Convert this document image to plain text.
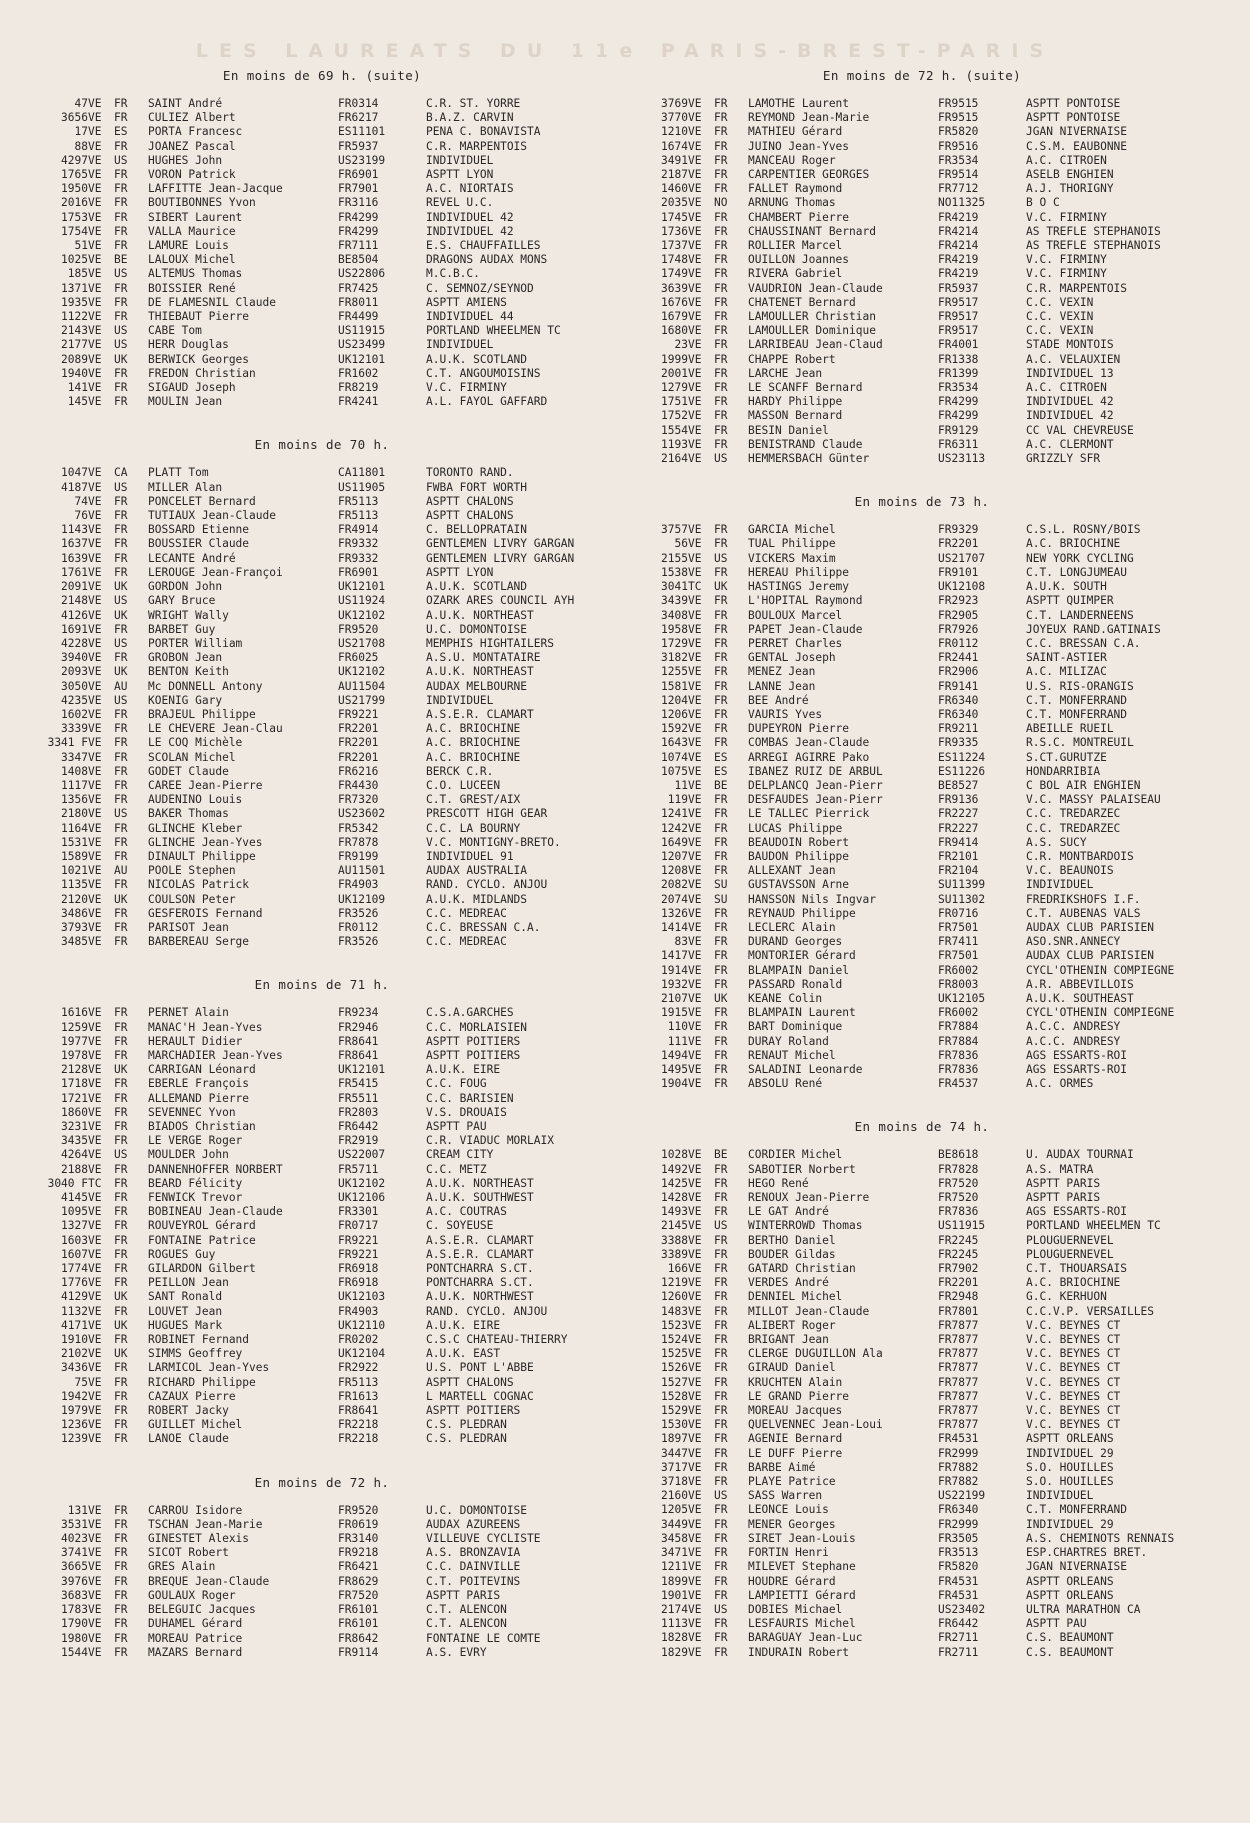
LES LAUREATS DU 11e PARIS-BREST-PARIS
En moins de 69 h. (suite)
47	VE	FR	SAINT André	FR0314	C.R. ST. YORRE
3656	VE	FR	CULIEZ Albert	FR6217	B.A.Z. CARVIN
17	VE	ES	PORTA Francesc	ES11101	PENA C. BONAVISTA
88	VE	FR	JOANEZ Pascal	FR5937	C.R. MARPENTOIS
4297	VE	US	HUGHES John	US23199	INDIVIDUEL
1765	VE	FR	VORON Patrick	FR6901	ASPTT LYON
1950	VE	FR	LAFFITTE Jean-Jacque	FR7901	A.C. NIORTAIS
2016	VE	FR	BOUTIBONNES Yvon	FR3116	REVEL U.C.
1753	VE	FR	SIBERT Laurent	FR4299	INDIVIDUEL 42
1754	VE	FR	VALLA Maurice	FR4299	INDIVIDUEL 42
51	VE	FR	LAMURE Louis	FR7111	E.S. CHAUFFAILLES
1025	VE	BE	LALOUX Michel	BE8504	DRAGONS AUDAX MONS
185	VE	US	ALTEMUS Thomas	US22806	M.C.B.C.
1371	VE	FR	BOISSIER René	FR7425	C. SEMNOZ/SEYNOD
1935	VE	FR	DE FLAMESNIL Claude	FR8011	ASPTT AMIENS
1122	VE	FR	THIEBAUT Pierre	FR4499	INDIVIDUEL 44
2143	VE	US	CABE Tom	US11915	PORTLAND WHEELMEN TC
2177	VE	US	HERR Douglas	US23499	INDIVIDUEL
2089	VE	UK	BERWICK Georges	UK12101	A.U.K. SCOTLAND
1940	VE	FR	FREDON Christian	FR1602	C.T. ANGOUMOISINS
141	VE	FR	SIGAUD Joseph	FR8219	V.C. FIRMINY
145	VE	FR	MOULIN Jean	FR4241	A.L. FAYOL GAFFARD
En moins de 70 h.
1047	VE	CA	PLATT Tom	CA11801	TORONTO RAND.
4187	VE	US	MILLER Alan	US11905	FWBA FORT WORTH
74	VE	FR	PONCELET Bernard	FR5113	ASPTT CHALONS
76	VE	FR	TUTIAUX Jean-Claude	FR5113	ASPTT CHALONS
1143	VE	FR	BOSSARD Etienne	FR4914	C. BELLOPRATAIN
1637	VE	FR	BOUSSIER Claude	FR9332	GENTLEMEN LIVRY GARGAN
1639	VE	FR	LECANTE André	FR9332	GENTLEMEN LIVRY GARGAN
1761	VE	FR	LEROUGE Jean-Françoi	FR6901	ASPTT LYON
2091	VE	UK	GORDON John	UK12101	A.U.K. SCOTLAND
2148	VE	US	GARY Bruce	US11924	OZARK ARES COUNCIL AYH
4126	VE	UK	WRIGHT Wally	UK12102	A.U.K. NORTHEAST
1691	VE	FR	BARBET Guy	FR9520	U.C. DOMONTOISE
4228	VE	US	PORTER William	US21708	MEMPHIS HIGHTAILERS
3940	VE	FR	GROBON Jean	FR6025	A.S.U. MONTATAIRE
2093	VE	UK	BENTON Keith	UK12102	A.U.K. NORTHEAST
3050	VE	AU	Mc DONNELL Antony	AU11504	AUDAX MELBOURNE
4235	VE	US	KOENIG Gary	US21799	INDIVIDUEL
1602	VE	FR	BRAJEUL Philippe	FR9221	A.S.E.R. CLAMART
3339	VE	FR	LE CHEVERE Jean-Clau	FR2201	A.C. BRIOCHINE
3341 F	VE	FR	LE COQ Michèle	FR2201	A.C. BRIOCHINE
3347	VE	FR	SCOLAN Michel	FR2201	A.C. BRIOCHINE
1408	VE	FR	GODET Claude	FR6216	BERCK C.R.
1117	VE	FR	CAREE Jean-Pierre	FR4430	C.O. LUCEEN
1356	VE	FR	AUDENINO Louis	FR7320	C.T. GREST/AIX
2180	VE	US	BAKER Thomas	US23602	PRESCOTT HIGH GEAR
1164	VE	FR	GLINCHE Kleber	FR5342	C.C. LA BOURNY
1531	VE	FR	GLINCHE Jean-Yves	FR7878	V.C. MONTIGNY-BRETO.
1589	VE	FR	DINAULT Philippe	FR9199	INDIVIDUEL 91
1021	VE	AU	POOLE Stephen	AU11501	AUDAX AUSTRALIA
1135	VE	FR	NICOLAS Patrick	FR4903	RAND. CYCLO. ANJOU
2120	VE	UK	COULSON Peter	UK12109	A.U.K. MIDLANDS
3486	VE	FR	GESFEROIS Fernand	FR3526	C.C. MEDREAC
3793	VE	FR	PARISOT Jean	FR0112	C.C. BRESSAN C.A.
3485	VE	FR	BARBEREAU Serge	FR3526	C.C. MEDREAC
En moins de 71 h.
1616	VE	FR	PERNET Alain	FR9234	C.S.A.GARCHES
1259	VE	FR	MANAC'H Jean-Yves	FR2946	C.C. MORLAISIEN
1977	VE	FR	HERAULT Didier	FR8641	ASPTT POITIERS
1978	VE	FR	MARCHADIER Jean-Yves	FR8641	ASPTT POITIERS
2128	VE	UK	CARRIGAN Léonard	UK12101	A.U.K. EIRE
1718	VE	FR	EBERLE François	FR5415	C.C. FOUG
1721	VE	FR	ALLEMAND Pierre	FR5511	C.C. BARISIEN
1860	VE	FR	SEVENNEC Yvon	FR2803	V.S. DROUAIS
3231	VE	FR	BIADOS Christian	FR6442	ASPTT PAU
3435	VE	FR	LE VERGE Roger	FR2919	C.R. VIADUC MORLAIX
4264	VE	US	MOULDER John	US22007	CREAM CITY
2188	VE	FR	DANNENHOFFER NORBERT	FR5711	C.C. METZ
3040 F	TC	FR	BEARD Félicity	UK12102	A.U.K. NORTHEAST
4145	VE	FR	FENWICK Trevor	UK12106	A.U.K. SOUTHWEST
1095	VE	FR	BOBINEAU Jean-Claude	FR3301	A.C. COUTRAS
1327	VE	FR	ROUVEYROL Gérard	FR0717	C. SOYEUSE
1603	VE	FR	FONTAINE Patrice	FR9221	A.S.E.R. CLAMART
1607	VE	FR	ROGUES Guy	FR9221	A.S.E.R. CLAMART
1774	VE	FR	GILARDON Gilbert	FR6918	PONTCHARRA S.CT.
1776	VE	FR	PEILLON Jean	FR6918	PONTCHARRA S.CT.
4129	VE	UK	SANT Ronald	UK12103	A.U.K. NORTHWEST
1132	VE	FR	LOUVET Jean	FR4903	RAND. CYCLO. ANJOU
4171	VE	UK	HUGUES Mark	UK12110	A.U.K. EIRE
1910	VE	FR	ROBINET Fernand	FR0202	C.S.C CHATEAU-THIERRY
2102	VE	UK	SIMMS Geoffrey	UK12104	A.U.K. EAST
3436	VE	FR	LARMICOL Jean-Yves	FR2922	U.S. PONT L'ABBE
75	VE	FR	RICHARD Philippe	FR5113	ASPTT CHALONS
1942	VE	FR	CAZAUX Pierre	FR1613	L MARTELL COGNAC
1979	VE	FR	ROBERT Jacky	FR8641	ASPTT POITIERS
1236	VE	FR	GUILLET Michel	FR2218	C.S. PLEDRAN
1239	VE	FR	LANOE Claude	FR2218	C.S. PLEDRAN
En moins de 72 h.
131	VE	FR	CARROU Isidore	FR9520	U.C. DOMONTOISE
3531	VE	FR	TSCHAN Jean-Marie	FR0619	AUDAX AZUREENS
4023	VE	FR	GINESTET Alexis	FR3140	VILLEUVE CYCLISTE
3741	VE	FR	SICOT Robert	FR9218	A.S. BRONZAVIA
3665	VE	FR	GRES Alain	FR6421	C.C. DAINVILLE
3976	VE	FR	BREQUE Jean-Claude	FR8629	C.T. POITEVINS
3683	VE	FR	GOULAUX Roger	FR7520	ASPTT PARIS
1783	VE	FR	BELEGUIC Jacques	FR6101	C.T. ALENCON
1790	VE	FR	DUHAMEL Gérard	FR6101	C.T. ALENCON
1980	VE	FR	MOREAU Patrice	FR8642	FONTAINE LE COMTE
1544	VE	FR	MAZARS Bernard	FR9114	A.S. EVRY
En moins de 72 h. (suite)
3769	VE	FR	LAMOTHE Laurent	FR9515	ASPTT PONTOISE
3770	VE	FR	REYMOND Jean-Marie	FR9515	ASPTT PONTOISE
1210	VE	FR	MATHIEU Gérard	FR5820	JGAN NIVERNAISE
1674	VE	FR	JUINO Jean-Yves	FR9516	C.S.M. EAUBONNE
3491	VE	FR	MANCEAU Roger	FR3534	A.C. CITROEN
2187	VE	FR	CARPENTIER GEORGES	FR9514	ASELB ENGHIEN
1460	VE	FR	FALLET Raymond	FR7712	A.J. THORIGNY
2035	VE	NO	ARNUNG Thomas	NO11325	B O C
1745	VE	FR	CHAMBERT Pierre	FR4219	V.C. FIRMINY
1736	VE	FR	CHAUSSINANT Bernard	FR4214	AS TREFLE STEPHANOIS
1737	VE	FR	ROLLIER Marcel	FR4214	AS TREFLE STEPHANOIS
1748	VE	FR	OUILLON Joannes	FR4219	V.C. FIRMINY
1749	VE	FR	RIVERA Gabriel	FR4219	V.C. FIRMINY
3639	VE	FR	VAUDRION Jean-Claude	FR5937	C.R. MARPENTOIS
1676	VE	FR	CHATENET Bernard	FR9517	C.C. VEXIN
1679	VE	FR	LAMOULLER Christian	FR9517	C.C. VEXIN
1680	VE	FR	LAMOULLER Dominique	FR9517	C.C. VEXIN
23	VE	FR	LARRIBEAU Jean-Claud	FR4001	STADE MONTOIS
1999	VE	FR	CHAPPE Robert	FR1338	A.C. VELAUXIEN
2001	VE	FR	LARCHE Jean	FR1399	INDIVIDUEL 13
1279	VE	FR	LE SCANFF Bernard	FR3534	A.C. CITROEN
1751	VE	FR	HARDY Philippe	FR4299	INDIVIDUEL 42
1752	VE	FR	MASSON Bernard	FR4299	INDIVIDUEL 42
1554	VE	FR	BESIN Daniel	FR9129	CC VAL CHEVREUSE
1193	VE	FR	BENISTRAND Claude	FR6311	A.C. CLERMONT
2164	VE	US	HEMMERSBACH Günter	US23113	GRIZZLY SFR
En moins de 73 h.
3757	VE	FR	GARCIA Michel	FR9329	C.S.L. ROSNY/BOIS
56	VE	FR	TUAL Philippe	FR2201	A.C. BRIOCHINE
2155	VE	US	VICKERS Maxim	US21707	NEW YORK CYCLING
1538	VE	FR	HEREAU Philippe	FR9101	C.T. LONGJUMEAU
3041	TC	UK	HASTINGS Jeremy	UK12108	A.U.K. SOUTH
3439	VE	FR	L'HOPITAL Raymond	FR2923	ASPTT QUIMPER
3408	VE	FR	BOULOUX Marcel	FR2905	C.T. LANDERNEENS
1958	VE	FR	PAPET Jean-Claude	FR7926	JOYEUX RAND.GATINAIS
1729	VE	FR	PERRET Charles	FR0112	C.C. BRESSAN C.A.
3182	VE	FR	GENTAL Joseph	FR2441	SAINT-ASTIER
1255	VE	FR	MENEZ Jean	FR2906	A.C. MILIZAC
1581	VE	FR	LANNE Jean	FR9141	U.S. RIS-ORANGIS
1204	VE	FR	BEE André	FR6340	C.T. MONFERRAND
1206	VE	FR	VAURIS Yves	FR6340	C.T. MONFERRAND
1592	VE	FR	DUPEYRON Pierre	FR9211	ABEILLE RUEIL
1643	VE	FR	COMBAS Jean-Claude	FR9335	R.S.C. MONTREUIL
1074	VE	ES	ARREGI AGIRRE Pako	ES11224	S.CT.GURUTZE
1075	VE	ES	IBANEZ RUIZ DE ARBUL	ES11226	HONDARRIBIA
11	VE	BE	DELPLANCQ Jean-Pierr	BE8527	C BOL AIR ENGHIEN
119	VE	FR	DESFAUDES Jean-Pierr	FR9136	V.C. MASSY PALAISEAU
1241	VE	FR	LE TALLEC Pierrick	FR2227	C.C. TREDARZEC
1242	VE	FR	LUCAS Philippe	FR2227	C.C. TREDARZEC
1649	VE	FR	BEAUDOIN Robert	FR9414	A.S. SUCY
1207	VE	FR	BAUDON Philippe	FR2101	C.R. MONTBARDOIS
1208	VE	FR	ALLEXANT Jean	FR2104	V.C. BEAUNOIS
2082	VE	SU	GUSTAVSSON Arne	SU11399	INDIVIDUEL
2074	VE	SU	HANSSON Nils Ingvar	SU11302	FREDRIKSHOFS I.F.
1326	VE	FR	REYNAUD Philippe	FR0716	C.T. AUBENAS VALS
1414	VE	FR	LECLERC Alain	FR7501	AUDAX CLUB PARISIEN
83	VE	FR	DURAND Georges	FR7411	ASO.SNR.ANNECY
1417	VE	FR	MONTORIER Gérard	FR7501	AUDAX CLUB PARISIEN
1914	VE	FR	BLAMPAIN Daniel	FR6002	CYCL'OTHENIN COMPIEGNE
1932	VE	FR	PASSARD Ronald	FR8003	A.R. ABBEVILLOIS
2107	VE	UK	KEANE Colin	UK12105	A.U.K. SOUTHEAST
1915	VE	FR	BLAMPAIN Laurent	FR6002	CYCL'OTHENIN COMPIEGNE
110	VE	FR	BART Dominique	FR7884	A.C.C. ANDRESY
111	VE	FR	DURAY Roland	FR7884	A.C.C. ANDRESY
1494	VE	FR	RENAUT Michel	FR7836	AGS ESSARTS-ROI
1495	VE	FR	SALADINI Leonarde	FR7836	AGS ESSARTS-ROI
1904	VE	FR	ABSOLU René	FR4537	A.C. ORMES
En moins de 74 h.
1028	VE	BE	CORDIER Michel	BE8618	U. AUDAX TOURNAI
1492	VE	FR	SABOTIER Norbert	FR7828	A.S. MATRA
1425	VE	FR	HEGO René	FR7520	ASPTT PARIS
1428	VE	FR	RENOUX Jean-Pierre	FR7520	ASPTT PARIS
1493	VE	FR	LE GAT André	FR7836	AGS ESSARTS-ROI
2145	VE	US	WINTERROWD Thomas	US11915	PORTLAND WHEELMEN TC
3388	VE	FR	BERTHO Daniel	FR2245	PLOUGUERNEVEL
3389	VE	FR	BOUDER Gildas	FR2245	PLOUGUERNEVEL
166	VE	FR	GATARD Christian	FR7902	C.T. THOUARSAIS
1219	VE	FR	VERDES André	FR2201	A.C. BRIOCHINE
1260	VE	FR	DENNIEL Michel	FR2948	G.C. KERHUON
1483	VE	FR	MILLOT Jean-Claude	FR7801	C.C.V.P. VERSAILLES
1523	VE	FR	ALIBERT Roger	FR7877	V.C. BEYNES CT
1524	VE	FR	BRIGANT Jean	FR7877	V.C. BEYNES CT
1525	VE	FR	CLERGE DUGUILLON Ala	FR7877	V.C. BEYNES CT
1526	VE	FR	GIRAUD Daniel	FR7877	V.C. BEYNES CT
1527	VE	FR	KRUCHTEN Alain	FR7877	V.C. BEYNES CT
1528	VE	FR	LE GRAND Pierre	FR7877	V.C. BEYNES CT
1529	VE	FR	MOREAU Jacques	FR7877	V.C. BEYNES CT
1530	VE	FR	QUELVENNEC Jean-Loui	FR7877	V.C. BEYNES CT
1897	VE	FR	AGENIE Bernard	FR4531	ASPTT ORLEANS
3447	VE	FR	LE DUFF Pierre	FR2999	INDIVIDUEL 29
3717	VE	FR	BARBE Aimé	FR7882	S.O. HOUILLES
3718	VE	FR	PLAYE Patrice	FR7882	S.O. HOUILLES
2160	VE	US	SASS Warren	US22199	INDIVIDUEL
1205	VE	FR	LEONCE Louis	FR6340	C.T. MONFERRAND
3449	VE	FR	MENER Georges	FR2999	INDIVIDUEL 29
3458	VE	FR	SIRET Jean-Louis	FR3505	A.S. CHEMINOTS RENNAIS
3471	VE	FR	FORTIN Henri	FR3513	ESP.CHARTRES BRET.
1211	VE	FR	MILEVET Stephane	FR5820	JGAN NIVERNAISE
1899	VE	FR	HOUDRE Gérard	FR4531	ASPTT ORLEANS
1901	VE	FR	LAMPIETTI Gérard	FR4531	ASPTT ORLEANS
2174	VE	US	DOBIES Michael	US23402	ULTRA MARATHON CA
1113	VE	FR	LESFAURIS Michel	FR6442	ASPTT PAU
1828	VE	FR	BARAGUAY Jean-Luc	FR2711	C.S. BEAUMONT
1829	VE	FR	INDURAIN Robert	FR2711	C.S. BEAUMONT
